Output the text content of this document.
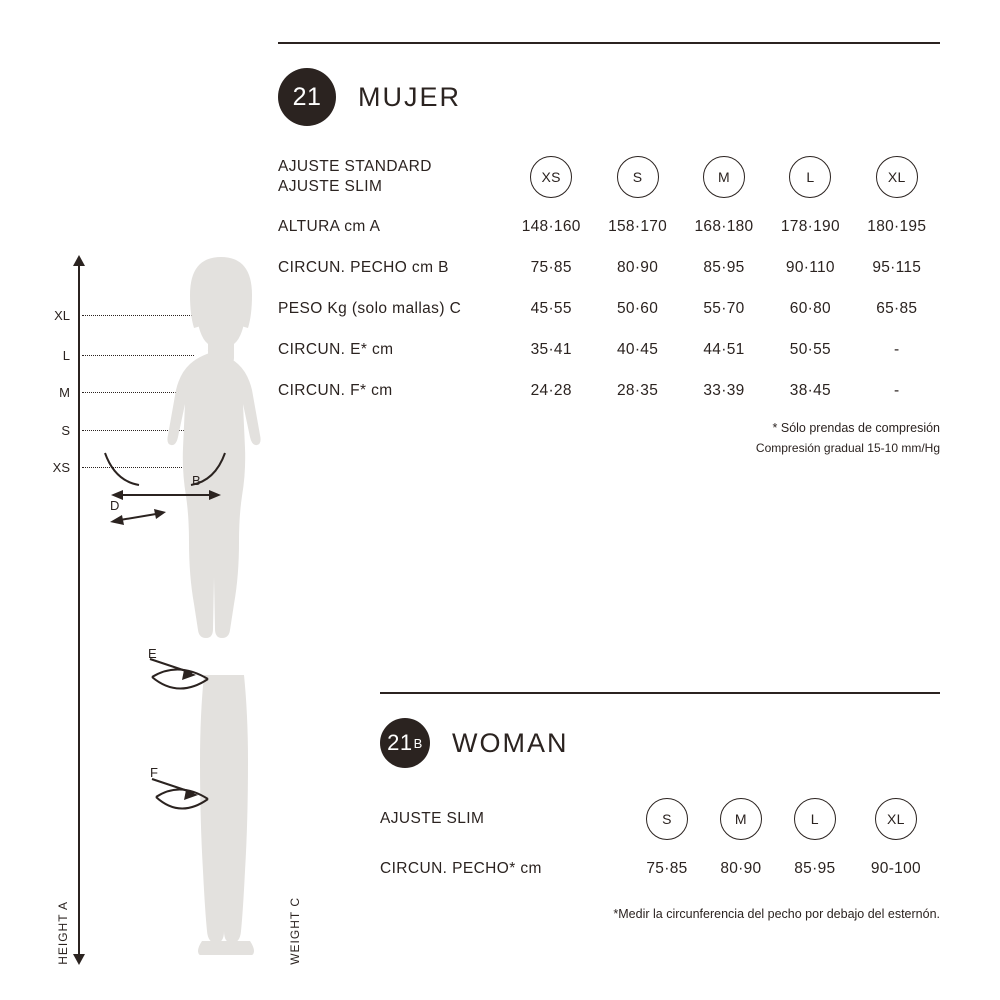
HEIGHT A	WEIGHT C
XL
L
M
S
XS
B
D
E
F
21	MUJER
AJUSTE STANDARD
AJUSTE SLIM	XS	S	M	L	XL
ALTURA cm A	148·160	158·170	168·180	178·190	180·195
CIRCUN. PECHO cm B	75·85	80·90	85·95	90·110	95·115
PESO Kg (solo mallas) C	45·55	50·60	55·70	60·80	65·85
CIRCUN. E* cm	35·41	40·45	44·51	50·55	-
CIRCUN. F* cm	24·28	28·35	33·39	38·45	-
* Sólo prendas de compresión
Compresión gradual 15-10 mm/Hg
21 B WOMAN
AJUSTE SLIM	S	M	L	XL
CIRCUN. PECHO* cm	75·85	80·90	85·95	90-100
*Medir la circunferencia del pecho por debajo del esternón.
